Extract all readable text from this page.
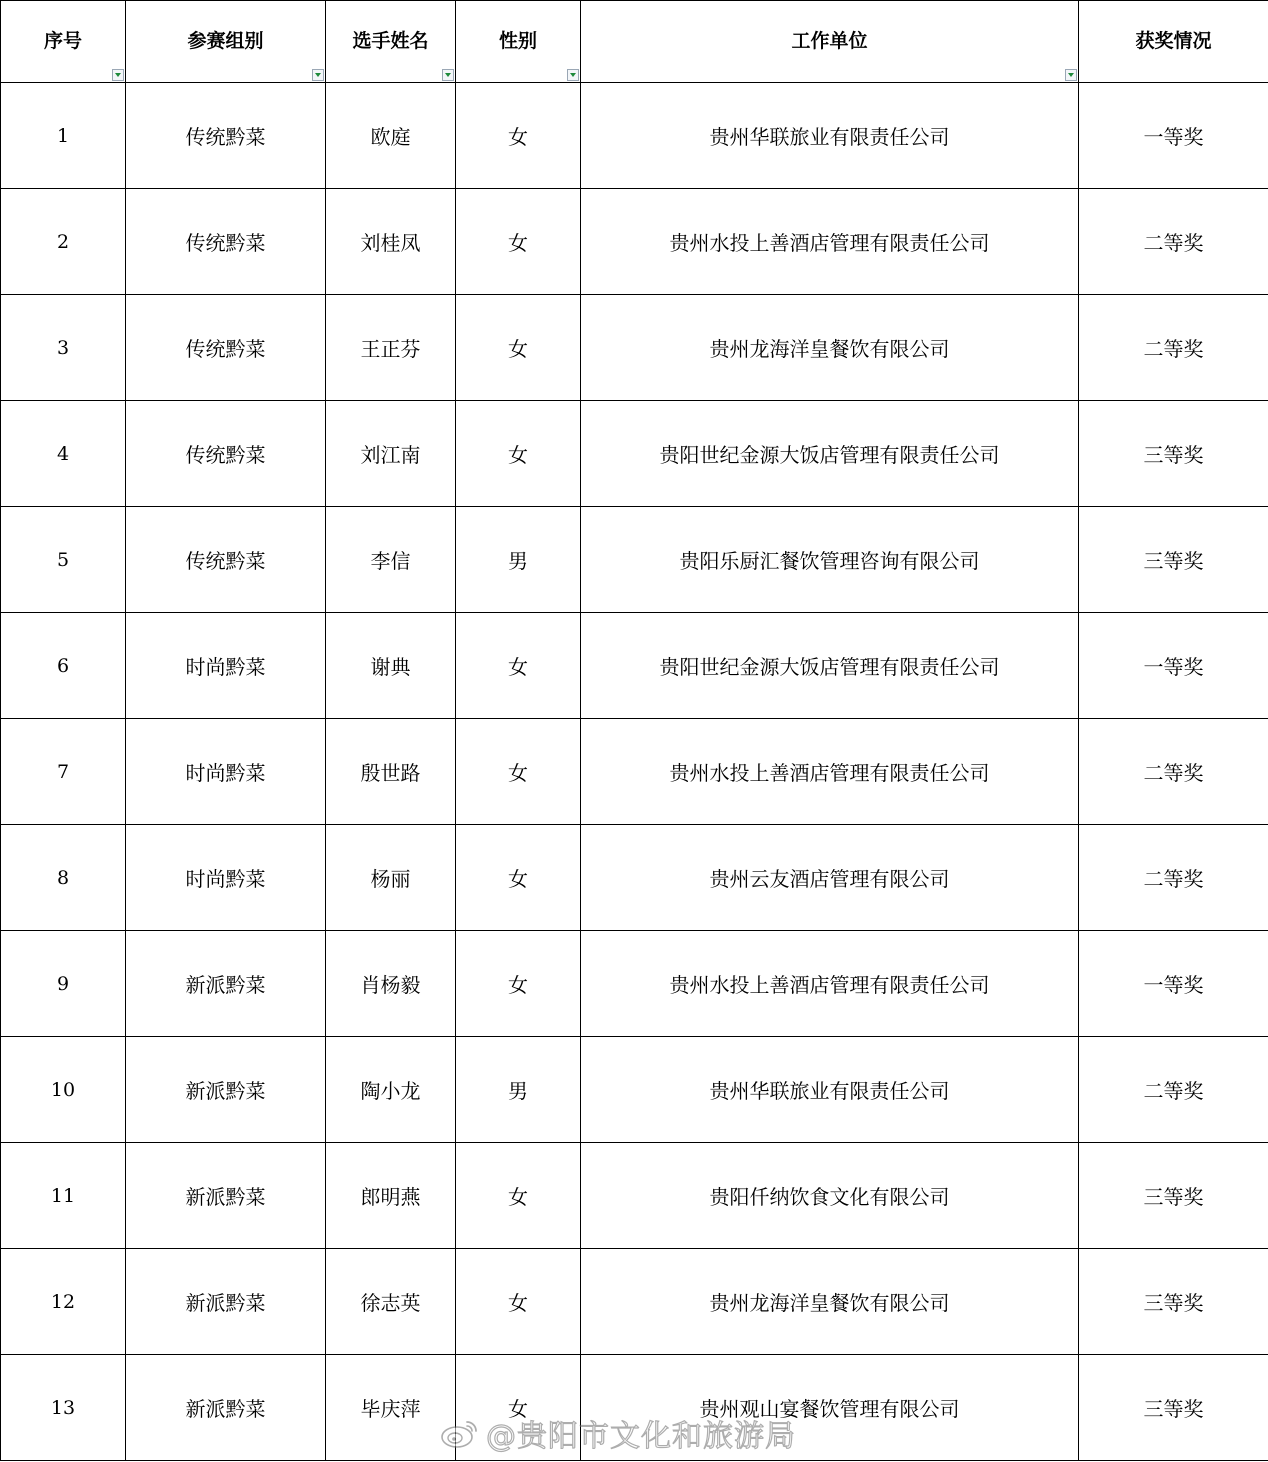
序号	参赛组别	选手姓名	性别	工作单位	获奖情况
1	传统黔菜	欧庭	女	贵州华联旅业有限责任公司	一等奖
2	传统黔菜	刘桂凤	女	贵州水投上善酒店管理有限责任公司	二等奖
3	传统黔菜	王正芬	女	贵州龙海洋皇餐饮有限公司	二等奖
4	传统黔菜	刘江南	女	贵阳世纪金源大饭店管理有限责任公司	三等奖
5	传统黔菜	李信	男	贵阳乐厨汇餐饮管理咨询有限公司	三等奖
6	时尚黔菜	谢典	女	贵阳世纪金源大饭店管理有限责任公司	一等奖
7	时尚黔菜	殷世路	女	贵州水投上善酒店管理有限责任公司	二等奖
8	时尚黔菜	杨丽	女	贵州云友酒店管理有限公司	二等奖
9	新派黔菜	肖杨毅	女	贵州水投上善酒店管理有限责任公司	一等奖
10	新派黔菜	陶小龙	男	贵州华联旅业有限责任公司	二等奖
11	新派黔菜	郎明燕	女	贵阳仟纳饮食文化有限公司	三等奖
12	新派黔菜	徐志英	女	贵州龙海洋皇餐饮有限公司	三等奖
13	新派黔菜	毕庆萍	女	贵州观山宴餐饮管理有限公司	三等奖
@贵阳市文化和旅游局
